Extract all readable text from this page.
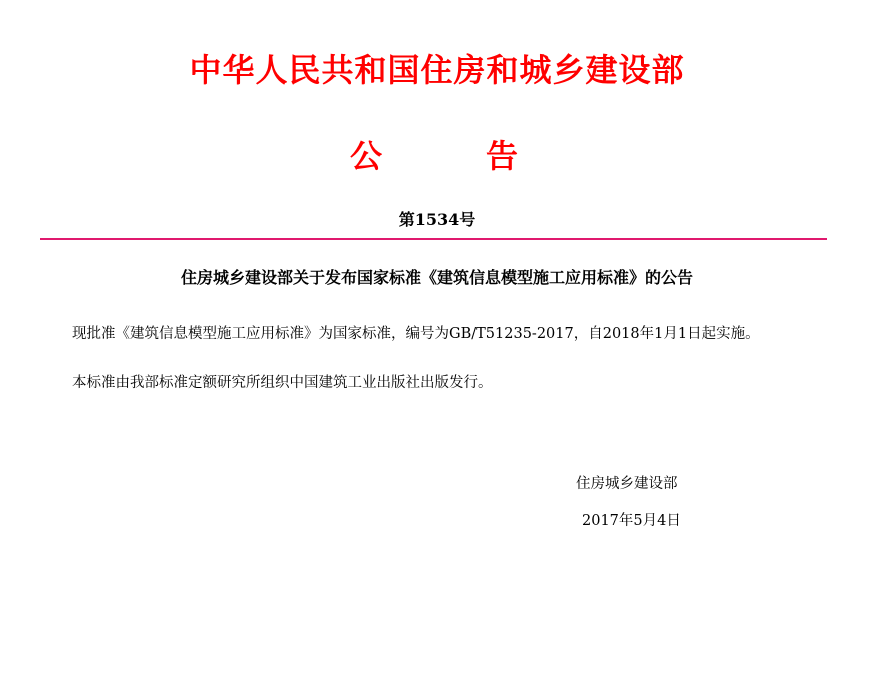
中华人民共和国住房和城乡建设部
公	告
第1534号
住房城乡建设部关于发布国家标准《建筑信息模型施工应用标准》的公告
现批准《建筑信息模型施工应用标准》为国家标准，编号为GB/T51235-2017，自2018年1月1日起实施。
本标准由我部标准定额研究所组织中国建筑工业出版社出版发行。
住房城乡建设部
2017年5月4日
